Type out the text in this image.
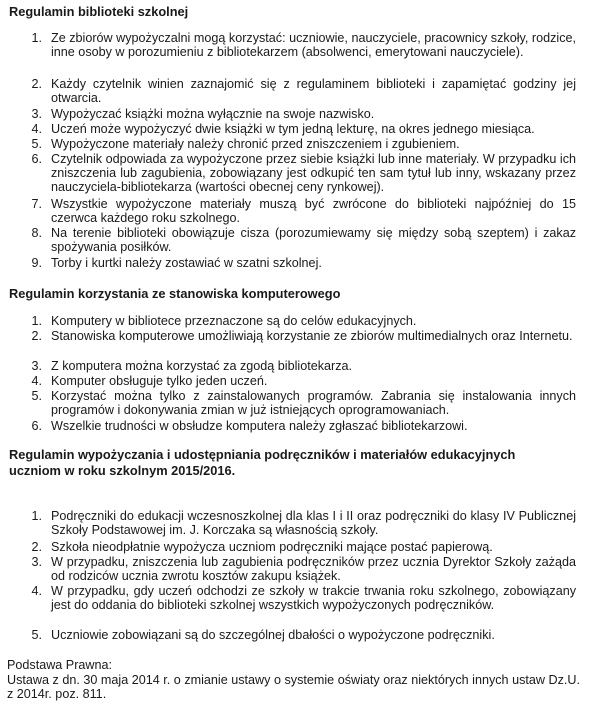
Regulamin biblioteki szkolnej
1. Ze zbiorów wypożyczalni mogą korzystać: uczniowie, nauczyciele, pracownicy szkoły, rodzice, inne osoby w porozumieniu z bibliotekarzem (absolwenci, emerytowani nauczyciele).
2. Każdy czytelnik winien zaznajomić się z regulaminem biblioteki i zapamiętać godziny jej otwarcia.
3. Wypożyczać książki można wyłącznie na swoje nazwisko.
4. Uczeń może wypożyczyć dwie książki w tym jedną lekturę, na okres jednego miesiąca.
5. Wypożyczone materiały należy chronić przed zniszczeniem i zgubieniem.
6. Czytelnik odpowiada za wypożyczone przez siebie książki lub inne materiały. W przypadku ich zniszczenia lub zagubienia, zobowiązany jest odkupić ten sam tytuł lub inny, wskazany przez nauczyciela-bibliotekarza (wartości obecnej ceny rynkowej).
7. Wszystkie wypożyczone materiały muszą być zwrócone do biblioteki najpóźniej do 15 czerwca każdego roku szkolnego.
8. Na terenie biblioteki obowiązuje cisza (porozumiewamy się między sobą szeptem) i zakaz spożywania posiłków.
9. Torby i kurtki należy zostawiać w szatni szkolnej.
Regulamin korzystania ze stanowiska komputerowego
1. Komputery w bibliotece przeznaczone są do celów edukacyjnych.
2. Stanowiska komputerowe umożliwiają korzystanie ze zbiorów multimedialnych oraz Internetu.
3. Z komputera można korzystać za zgodą bibliotekarza.
4. Komputer obsługuje tylko jeden uczeń.
5. Korzystać można tylko z zainstalowanych programów. Zabrania się instalowania innych programów i dokonywania zmian w już istniejących oprogramowaniach.
6. Wszelkie trudności w obsłudze komputera należy zgłaszać bibliotekarzowi.
Regulamin wypożyczania i udostępniania podręczników i materiałów edukacyjnych
uczniom w roku szkolnym 2015/2016.
1. Podręczniki do edukacji wczesnoszkolnej dla klas I i II oraz podręczniki do klasy IV Publicznej Szkoły Podstawowej im. J. Korczaka są własnością szkoły.
2. Szkoła nieodpłatnie wypożycza uczniom podręczniki mające postać papierową.
3. W przypadku, zniszczenia lub zagubienia podręczników przez ucznia Dyrektor Szkoły zażąda od rodziców ucznia zwrotu kosztów zakupu książek.
4. W przypadku, gdy uczeń odchodzi ze szkoły w trakcie trwania roku szkolnego, zobowiązany jest do oddania do biblioteki szkolnej wszystkich wypożyczonych podręczników.
5. Uczniowie zobowiązani są do szczególnej dbałości o wypożyczone podręczniki.
Podstawa Prawna:
Ustawa z dn. 30 maja 2014 r. o zmianie ustawy o systemie oświaty oraz niektórych innych ustaw Dz.U. z 2014r. poz. 811.
